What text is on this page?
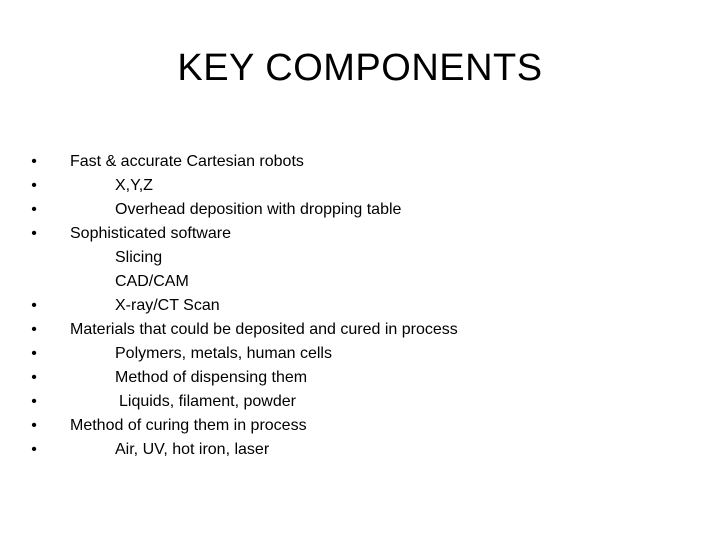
KEY COMPONENTS
• Fast & accurate Cartesian robots
•	X,Y,Z
•	Overhead deposition with dropping table
• Sophisticated software
Slicing
CAD/CAM
•	X-ray/CT Scan
• Materials that could be deposited and cured in process
•	Polymers, metals, human cells
•	Method of dispensing them
•	Liquids, filament, powder
• Method of curing them in process
•	Air, UV, hot iron, laser
